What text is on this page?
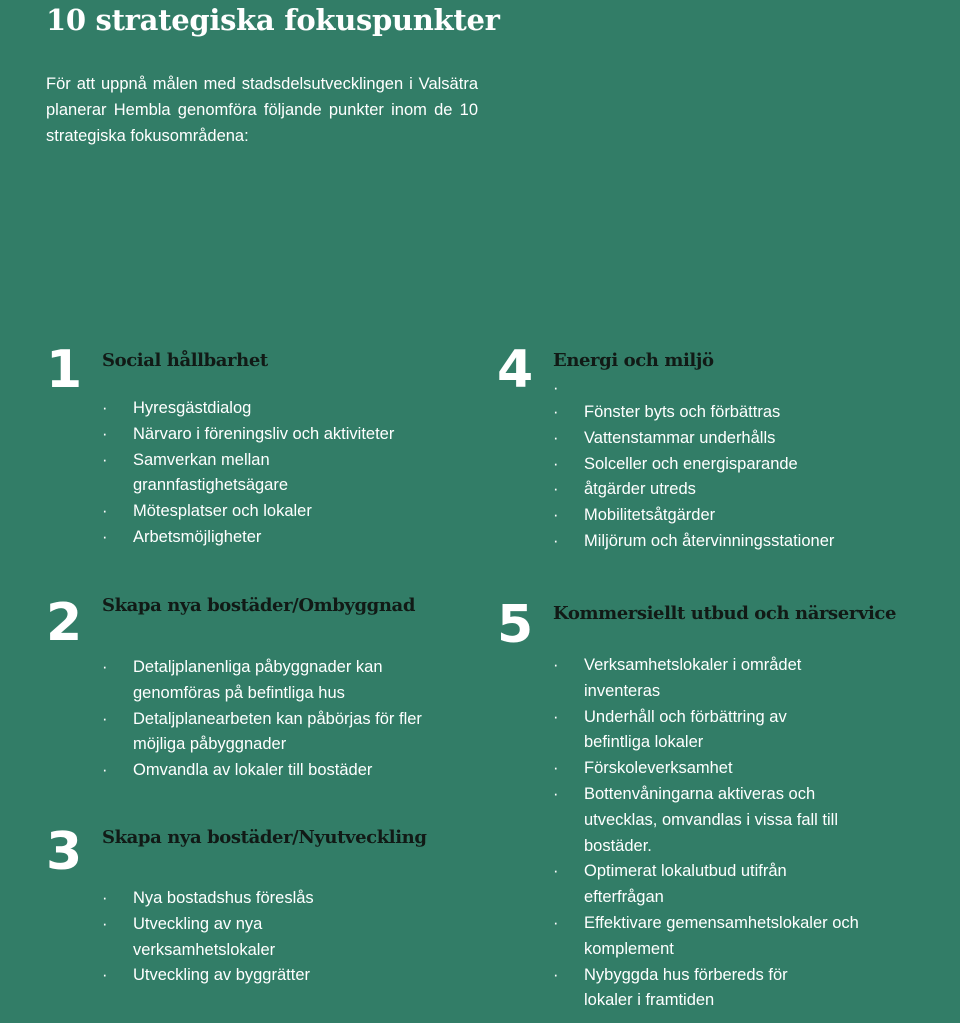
10 strategiska fokuspunkter

För att uppnå målen med stadsdelsutvecklingen i Valsätra planerar Hembla genomföra följande punkter inom de 10 strategiska fokusområdena:

1 Social hållbarhet
· Hyresgästdialog
· Närvaro i föreningsliv och aktiviteter
· Samverkan mellan grannfastighetsägare
· Mötesplatser och lokaler
· Arbetsmöjligheter
2 Skapa nya bostäder/Ombyggnad
· Detaljplanenliga påbyggnader kan genomföras på befintliga hus
· Detaljplanearbeten kan påbörjas för fler möjliga påbyggnader
· Omvandla av lokaler till bostäder
3 Skapa nya bostäder/Nyutveckling
· Nya bostadshus föreslås
· Utveckling av nya verksamhetslokaler
· Utveckling av byggrätter
4 Energi och miljö
·
· Fönster byts och förbättras
· Vattenstammar underhålls
· Solceller och energisparande
· åtgärder utreds
· Mobilitetsåtgärder
· Miljörum och återvinningsstationer
5 Kommersiellt utbud och närservice
· Verksamhetslokaler i området inventeras
· Underhåll och förbättring av befintliga lokaler
· Förskoleverksamhet
· Bottenvåningarna aktiveras och utvecklas, omvandlas i vissa fall till bostäder.
· Optimerat lokalutbud utifrån efterfrågan
· Effektivare gemensamhetslokaler och komplement
· Nybyggda hus förbereds för lokaler i framtiden
